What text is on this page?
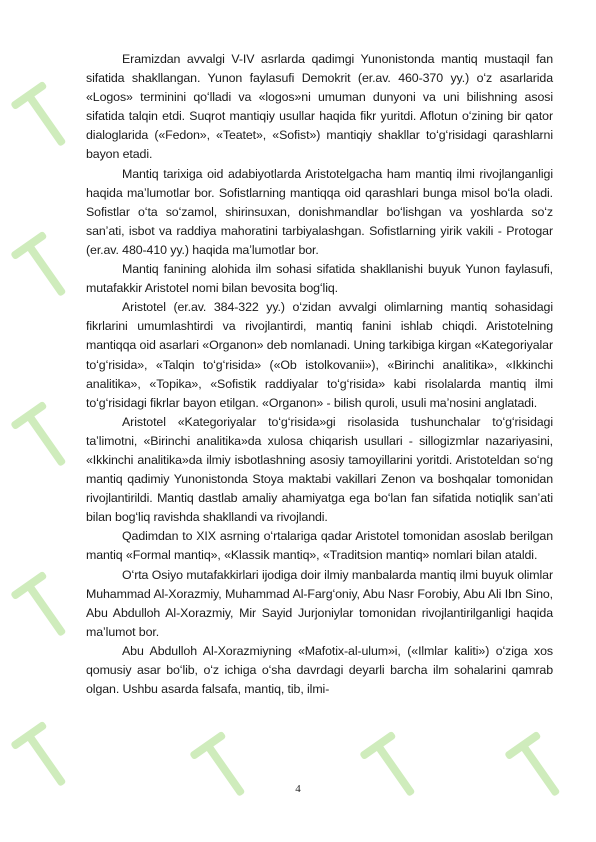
Eramizdan avvalgi V-IV asrlarda qadimgi Yunonistonda mantiq mustaqil fan sifatida shakllangan. Yunon faylasufi Demokrit (er.av. 460-370 yy.) oʻz asarlarida «Logos» terminini qoʻlladi va «logos»ni umuman dunyoni va uni bilishning asosi sifatida talqin etdi. Suqrot mantiqiy usullar haqida fikr yuritdi. Aflotun oʻzining bir qator dialoglarida («Fedon», «Teatet», «Sofist») mantiqiy shakllar toʻgʻrisidagi qarashlarni bayon etadi.

Mantiq tarixiga oid adabiyotlarda Aristotelgacha ham mantiq ilmi rivojlanganligi haqida maʼlumotlar bor. Sofistlarning mantiqqa oid qarashlari bunga misol boʻla oladi. Sofistlar oʻta soʻzamol, shirinsuxan, donishmandlar boʻlishgan va yoshlarda soʻz sanʼati, isbot va raddiya mahoratini tarbiyalashgan. Sofistlarning yirik vakili - Protogar (er.av. 480-410 yy.) haqida maʼlumotlar bor.

Mantiq fanining alohida ilm sohasi sifatida shakllanishi buyuk Yunon faylasufi, mutafakkir Aristotel nomi bilan bevosita bogʻliq.

Aristotel (er.av. 384-322 yy.) oʻzidan avvalgi olimlarning mantiq sohasidagi fikrlarini umumlashtirdi va rivojlantirdi, mantiq fanini ishlab chiqdi. Aristotelning mantiqqa oid asarlari «Organon» deb nomlanadi. Uning tarkibiga kirgan «Kategoriyalar toʻgʻrisida», «Talqin toʻgʻrisida» («Ob istolkovanii»), «Birinchi analitika», «Ikkinchi analitika», «Topika», «Sofistik raddiyalar toʻgʻrisida» kabi risolalarda mantiq ilmi toʻgʻrisidagi fikrlar bayon etilgan. «Organon» - bilish quroli, usuli maʼnosini anglatadi.

Aristotel «Kategoriyalar toʻgʻrisida»gi risolasida tushunchalar toʻgʻrisidagi taʼlimotni, «Birinchi analitika»da xulosa chiqarish usullari - sillogizmlar nazariyasini, «Ikkinchi analitika»da ilmiy isbotlashning asosiy tamoyillarini yoritdi. Aristoteldan soʻng mantiq qadimiy Yunonistonda Stoya maktabi vakillari Zenon va boshqalar tomonidan rivojlantirildi. Mantiq dastlab amaliy ahamiyatga ega boʻlan fan sifatida notiqlik sanʼati bilan bogʻliq ravishda shakllandi va rivojlandi.

Qadimdan to XIX asrning oʻrtalariga qadar Aristotel tomonidan asoslab berilgan mantiq «Formal mantiq», «Klassik mantiq», «Traditsion mantiq» nomlari bilan ataldi.

Oʻrta Osiyo mutafakkirlari ijodiga doir ilmiy manbalarda mantiq ilmi buyuk olimlar Muhammad Al-Xorazmiy, Muhammad Al-Fargʻoniy, Abu Nasr Forobiy, Abu Ali Ibn Sino, Abu Abdulloh Al-Xorazmiy, Mir Sayid Jurjoniylar tomonidan rivojlantirilganligi haqida maʼlumot bor.

Abu Abdulloh Al-Xorazmiyning «Mafotix-al-ulum»i, («Ilmlar kaliti») oʻziga xos qomusiy asar boʻlib, oʻz ichiga oʻsha davrdagi deyarli barcha ilm sohalarini qamrab olgan. Ushbu asarda falsafa, mantiq, tib, ilmi-

4
